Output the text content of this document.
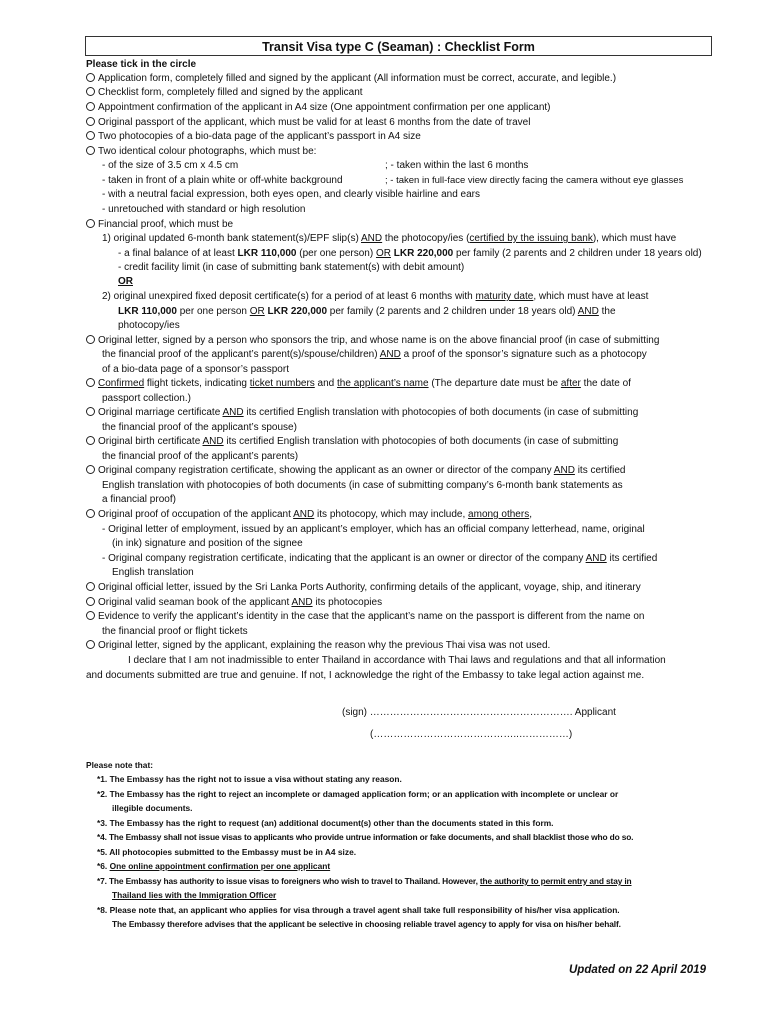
Transit Visa type C (Seaman) : Checklist Form
Please tick in the circle
Application form, completely filled and signed by the applicant (All information must be correct, accurate, and legible.)
Checklist form, completely filled and signed by the applicant
Appointment confirmation of the applicant in A4 size (One appointment confirmation per one applicant)
Original passport of the applicant, which must be valid for at least 6 months from the date of travel
Two photocopies of a bio-data page of the applicant’s passport in A4 size
Two identical colour photographs, which must be:
- of the size of 3.5 cm x 4.5 cm	; - taken within the last 6 months
- taken in front of a plain white or off-white background	; - taken in full-face view directly facing the camera without eye glasses
- with a neutral facial expression, both eyes open, and clearly visible hairline and ears
- unretouched with standard or high resolution
Financial proof, which must be
1) original updated 6-month bank statement(s)/EPF slip(s) AND the photocopy/ies (certified by the issuing bank), which must have
- a final balance of at least LKR 110,000 (per one person) OR LKR 220,000 per family (2 parents and 2 children under 18 years old)
- credit facility limit (in case of submitting bank statement(s) with debit amount)
OR
2) original unexpired fixed deposit certificate(s) for a period of at least 6 months with maturity date, which must have at least
LKR 110,000 per one person OR LKR 220,000 per family (2 parents and 2 children under 18 years old) AND the
photocopy/ies
Original letter, signed by a person who sponsors the trip, and whose name is on the above financial proof (in case of submitting
the financial proof of the applicant’s parent(s)/spouse/children) AND a proof of the sponsor’s signature such as a photocopy
of a bio-data page of a sponsor’s passport
Confirmed flight tickets, indicating ticket numbers and the applicant’s name (The departure date must be after the date of
passport collection.)
Original marriage certificate AND its certified English translation with photocopies of both documents (in case of submitting
the financial proof of the applicant’s spouse)
Original birth certificate AND its certified English translation with photocopies of both documents (in case of submitting
the financial proof of the applicant’s parents)
Original company registration certificate, showing the applicant as an owner or director of the company AND its certified
English translation with photocopies of both documents (in case of submitting company’s 6-month bank statements as
a financial proof)
Original proof of occupation of the applicant AND its photocopy, which may include, among others,
- Original letter of employment, issued by an applicant’s employer, which has an official company letterhead, name, original
(in ink) signature and position of the signee
- Original company registration certificate, indicating that the applicant is an owner or director of the company AND its certified
English translation
Original official letter, issued by the Sri Lanka Ports Authority, confirming details of the applicant, voyage, ship, and itinerary
Original valid seaman book of the applicant AND its photocopies
Evidence to verify the applicant’s identity in the case that the applicant’s name on the passport is different from the name on
the financial proof or flight tickets
Original letter, signed by the applicant, explaining the reason why the previous Thai visa was not used.
I declare that I am not inadmissible to enter Thailand in accordance with Thai laws and regulations and that all information
and documents submitted are true and genuine. If not, I acknowledge the right of the Embassy to take legal action against me.
(sign) ……………………………………………………. Applicant
(……………………………………..……………)
Please note that:
*1. The Embassy has the right not to issue a visa without stating any reason.
*2. The Embassy has the right to reject an incomplete or damaged application form; or an application with incomplete or unclear or
illegible documents.
*3. The Embassy has the right to request (an) additional document(s) other than the documents stated in this form.
*4. The Embassy shall not issue visas to applicants who provide untrue information or fake documents, and shall blacklist those who do so.
*5. All photocopies submitted to the Embassy must be in A4 size.
*6. One online appointment confirmation per one applicant
*7. The Embassy has authority to issue visas to foreigners who wish to travel to Thailand. However, the authority to permit entry and stay in
Thailand lies with the Immigration Officer
*8. Please note that, an applicant who applies for visa through a travel agent shall take full responsibility of his/her visa application.
The Embassy therefore advises that the applicant be selective in choosing reliable travel agency to apply for visa on his/her behalf.
Updated on 22 April 2019
